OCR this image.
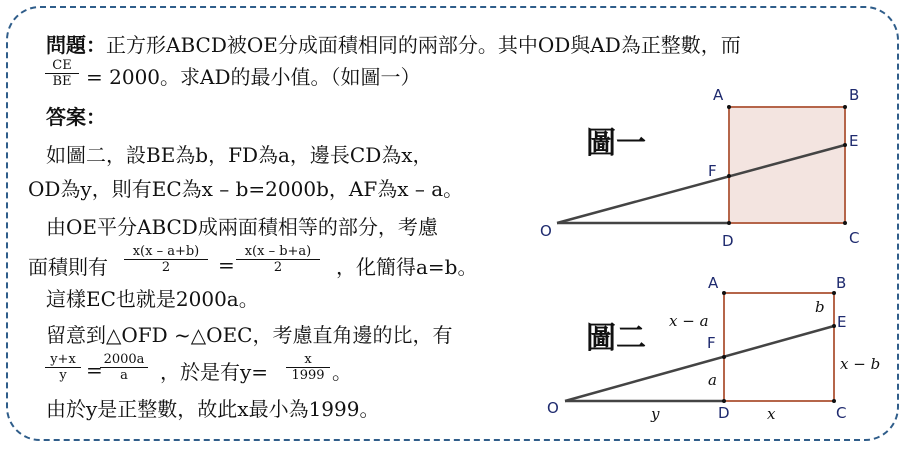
問題：正方形ABCD被OE分成面積相同的兩部分。其中OD與AD為正整數，而
$\frac{CE}{BE} = 2000$。求AD的最小值。（如圖一）
答案：
如圖二，設BE為b，FD為a，邊長CD為x，
OD為y，則有EC為x – b=2000b，AF為x – a。
由OE平分ABCD成兩面積相等的部分，考慮
面積則有 $\frac{x(x - a+b)}{2} = \frac{x(x - b+a)}{2}$ ，化簡得a=b。
這樣EC也就是2000a。
留意到△OFD ~△OEC，考慮直角邊的比，有
$\frac{y+x}{y}$ =
$\frac{2000a}{a}$ ，於是有$y= \frac{x}{1999}$ 。
由於y是正整數，故此x最小為1999。
圖一
圖二
A	B
C
D
E
F
O
A	B
C
D
E
F
O
x − a
b
x − b
a
y	x
